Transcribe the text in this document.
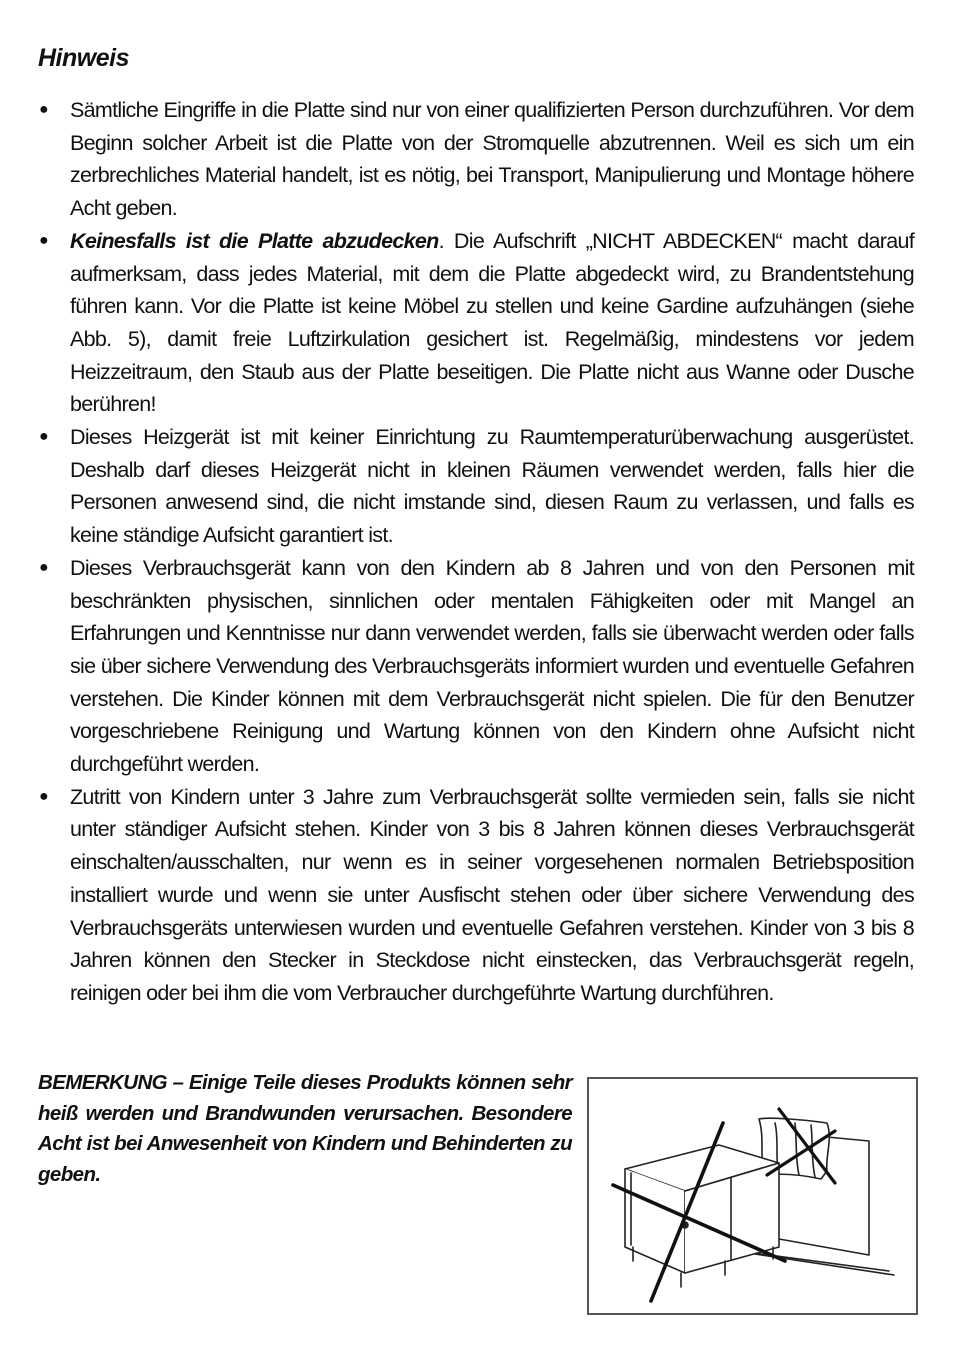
Hinweis
● Sämtliche Eingriffe in die Platte sind nur von einer qualifizierten Person durchzuführen. Vor dem Beginn solcher Arbeit ist die Platte von der Stromquelle abzutrennen. Weil es sich um ein zerbrechliches Material handelt, ist es nötig, bei Transport, Manipulierung und Montage höhere Acht geben.
● Keinesfalls ist die Platte abzudecken. Die Aufschrift „NICHT ABDECKEN“ macht darauf aufmerksam, dass jedes Material, mit dem die Platte abgedeckt wird, zu Brandentstehung führen kann. Vor die Platte ist keine Möbel zu stellen und keine Gardine aufzuhängen (siehe Abb. 5), damit freie Luftzirkulation gesichert ist. Regelmäßig, mindestens vor jedem Heizzeitraum, den Staub aus der Platte beseitigen. Die Platte nicht aus Wanne oder Dusche berühren!
● Dieses Heizgerät ist mit keiner Einrichtung zu Raumtemperaturüberwachung ausgerüstet. Deshalb darf dieses Heizgerät nicht in kleinen Räumen verwendet werden, falls hier die Personen anwesend sind, die nicht imstande sind, diesen Raum zu verlassen, und falls es keine ständige Aufsicht garantiert ist.
● Dieses Verbrauchsgerät kann von den Kindern ab 8 Jahren und von den Personen mit beschränkten physischen, sinnlichen oder mentalen Fähigkeiten oder mit Mangel an Erfahrungen und Kenntnisse nur dann verwendet werden, falls sie überwacht werden oder falls sie über sichere Verwendung des Verbrauchsgeräts informiert wurden und eventuelle Gefahren verstehen. Die Kinder können mit dem Verbrauchsgerät nicht spielen. Die für den Benutzer vorgeschriebene Reinigung und Wartung können von den Kindern ohne Aufsicht nicht durchgeführt werden.
● Zutritt von Kindern unter 3 Jahre zum Verbrauchsgerät sollte vermieden sein, falls sie nicht unter ständiger Aufsicht stehen. Kinder von 3 bis 8 Jahren können dieses Verbrauchsgerät einschalten/ausschalten, nur wenn es in seiner vorgesehenen normalen Betriebsposition installiert wurde und wenn sie unter Ausfischt stehen oder über sichere Verwendung des Verbrauchsgeräts unterwiesen wurden und eventuelle Gefahren verstehen. Kinder von 3 bis 8 Jahren können den Stecker in Steckdose nicht einstecken, das Verbrauchsgerät regeln, reinigen oder bei ihm die vom Verbraucher durchgeführte Wartung durchführen.

BEMERKUNG – Einige Teile dieses Produkts können sehr heiß werden und Brandwunden verursachen. Besondere Acht ist bei Anwesenheit von Kindern und Behinderten zu geben.
